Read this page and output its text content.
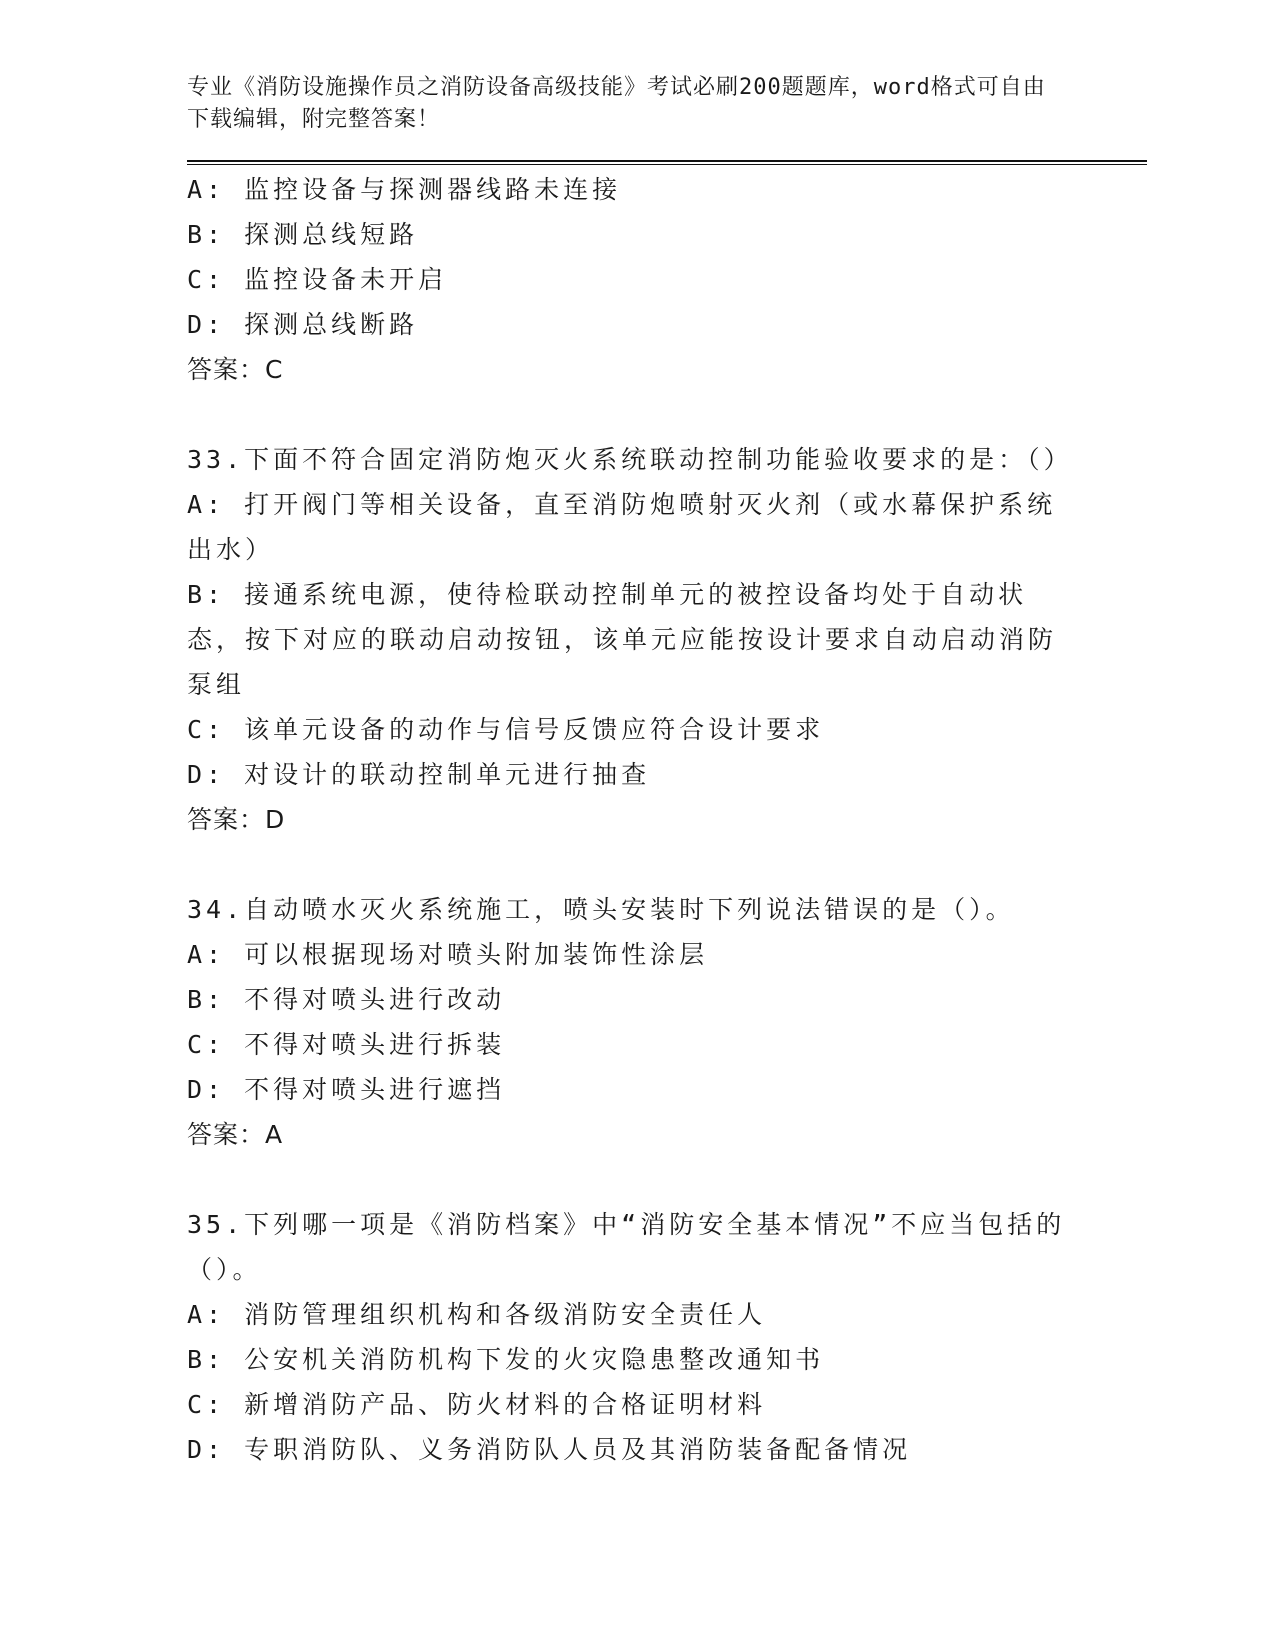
专业《消防设施操作员之消防设备高级技能》考试必刷200题题库，word格式可自由下载编辑，附完整答案！
A: 监控设备与探测器线路未连接
B: 探测总线短路
C: 监控设备未开启
D: 探测总线断路
答案：C
33.下面不符合固定消防炮灭火系统联动控制功能验收要求的是：（）
A: 打开阀门等相关设备，直至消防炮喷射灭火剂（或水幕保护系统出水）
B: 接通系统电源，使待检联动控制单元的被控设备均处于自动状态，按下对应的联动启动按钮，该单元应能按设计要求自动启动消防泵组
C: 该单元设备的动作与信号反馈应符合设计要求
D: 对设计的联动控制单元进行抽查
答案：D
34.自动喷水灭火系统施工，喷头安装时下列说法错误的是（）。
A: 可以根据现场对喷头附加装饰性涂层
B: 不得对喷头进行改动
C: 不得对喷头进行拆装
D: 不得对喷头进行遮挡
答案：A
35.下列哪一项是《消防档案》中“消防安全基本情况”不应当包括的（）。
A: 消防管理组织机构和各级消防安全责任人
B: 公安机关消防机构下发的火灾隐患整改通知书
C: 新增消防产品、防火材料的合格证明材料
D: 专职消防队、义务消防队人员及其消防装备配备情况
